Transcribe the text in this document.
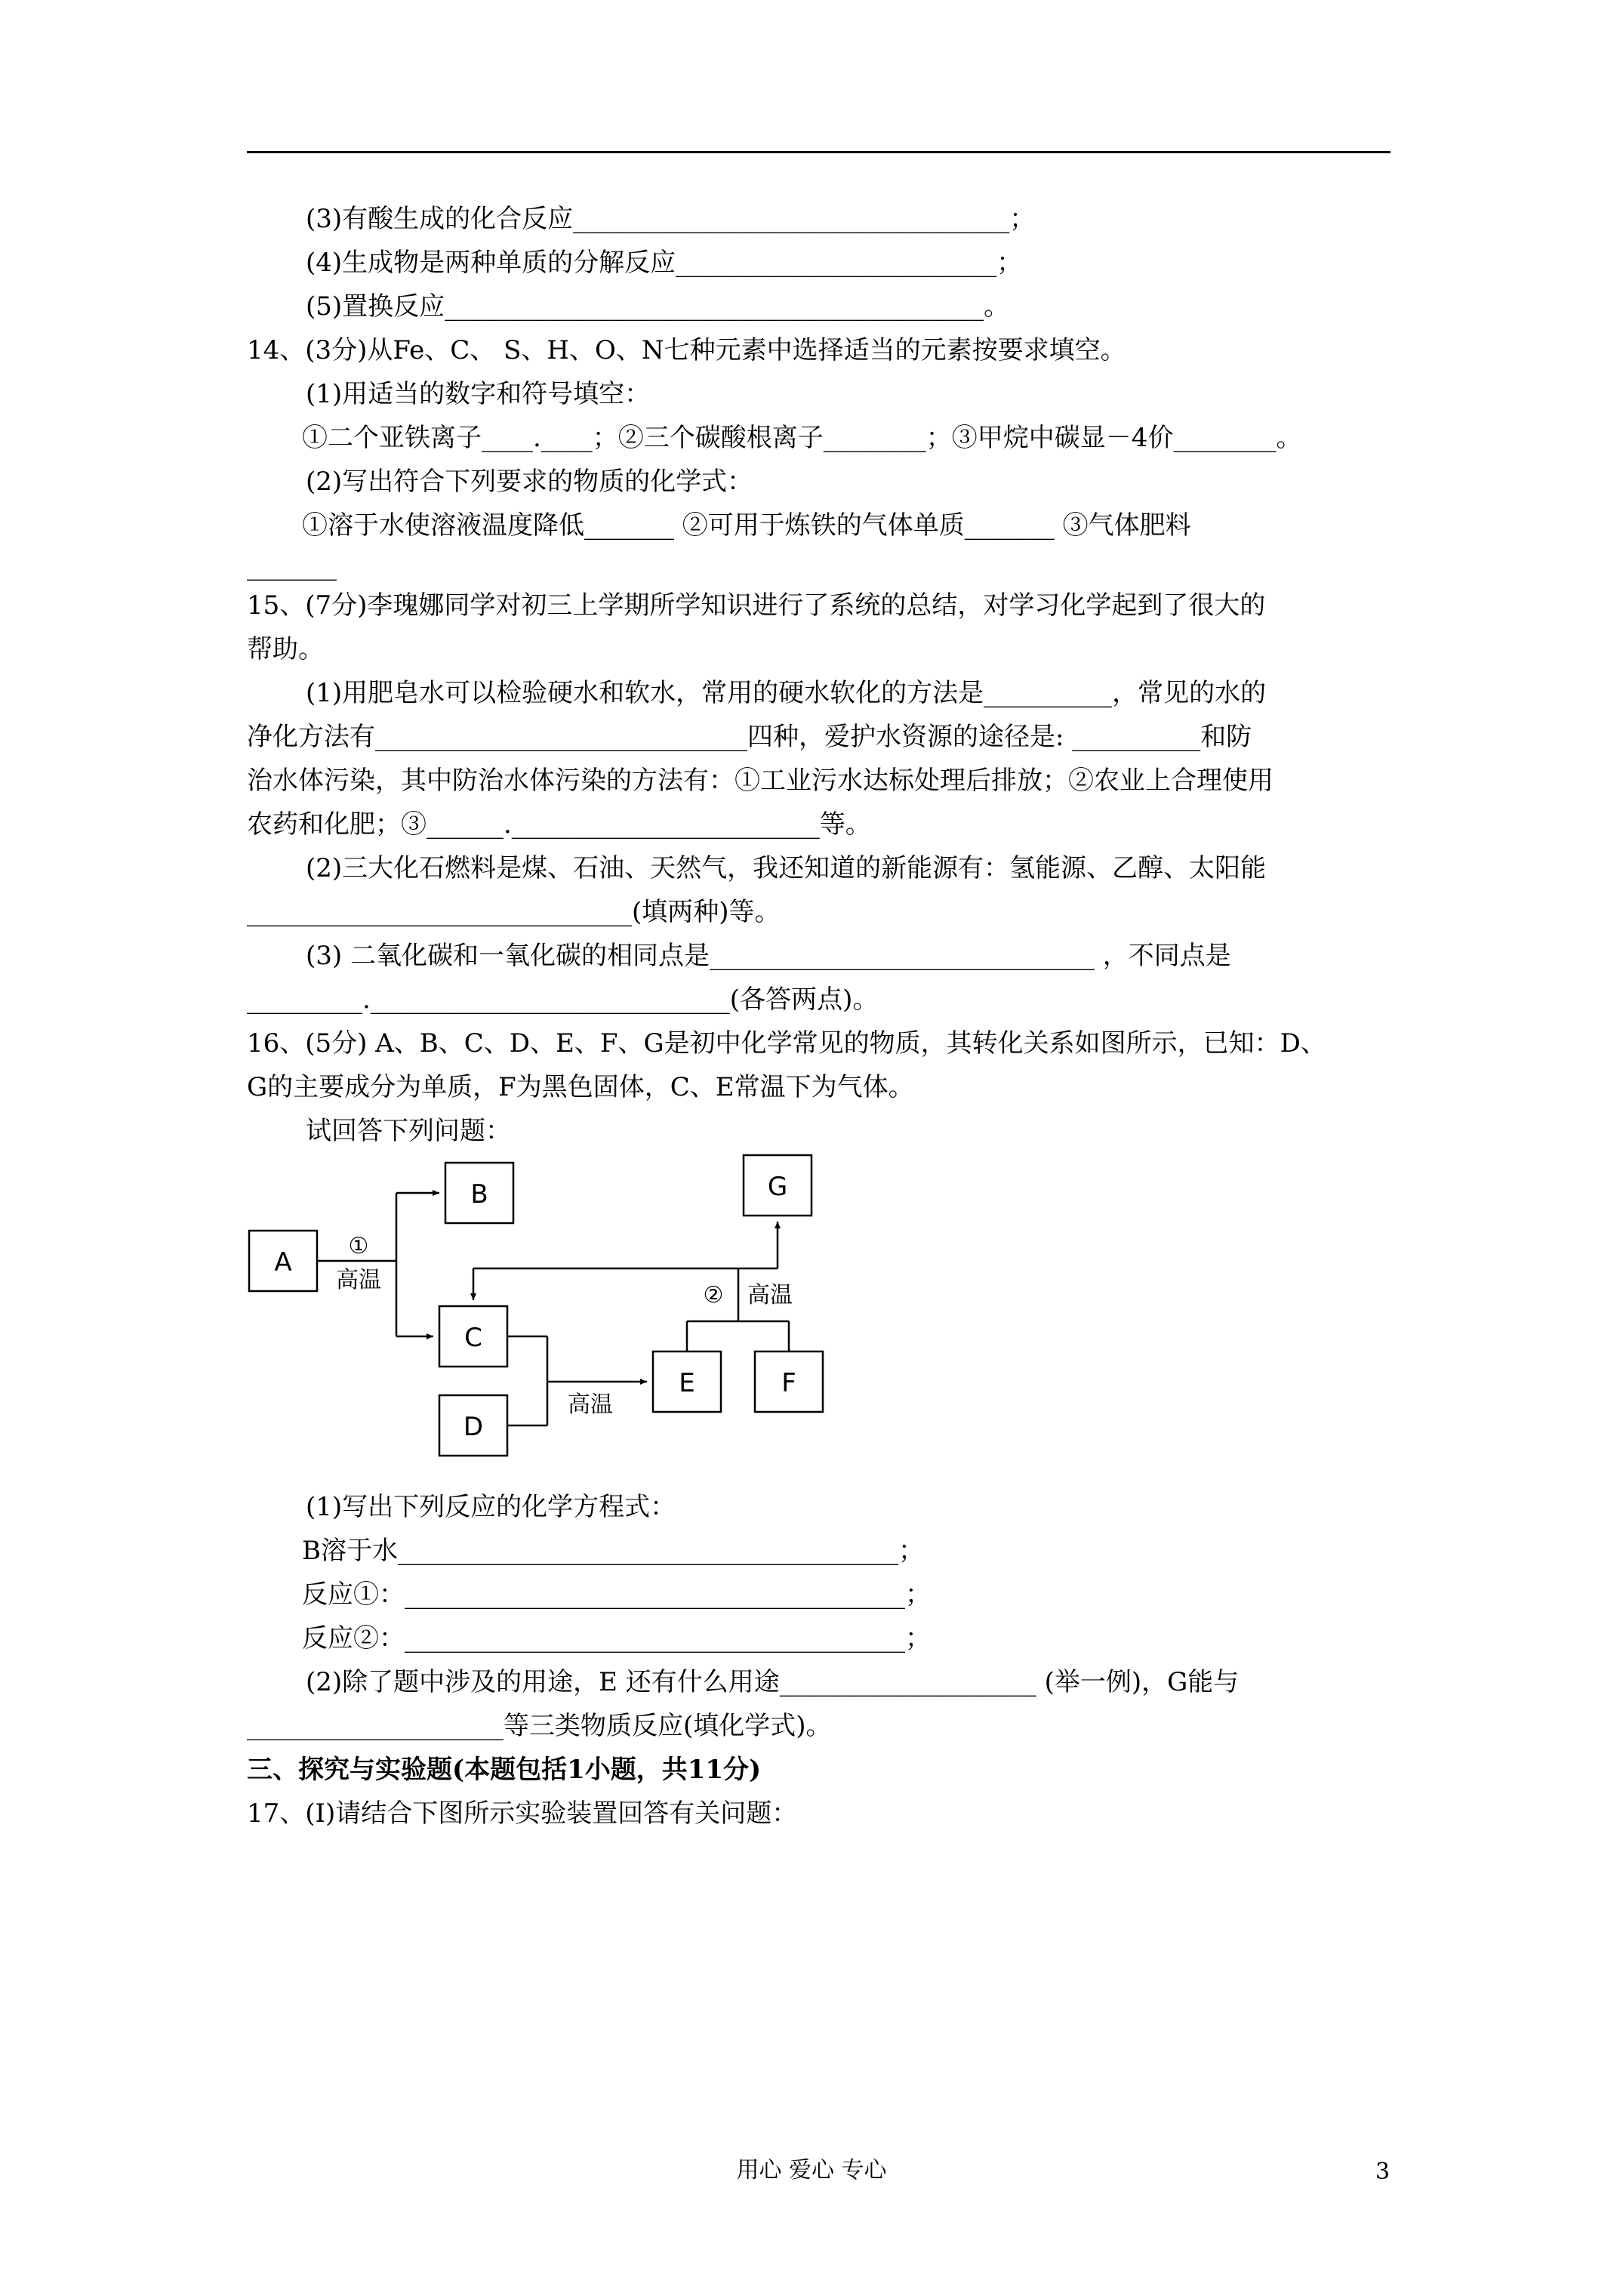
(3)有酸生成的化合反应__________________________________；
(4)生成物是两种单质的分解反应_________________________；
(5)置换反应__________________________________________。
14、(3分)从Fe、C、 S、H、O、N七种元素中选择适当的元素按要求填空。
(1)用适当的数字和符号填空：
①二个亚铁离子____.____；②三个碳酸根离子________；③甲烷中碳显－4价________。
(2)写出符合下列要求的物质的化学式：
①溶于水使溶液温度降低_______ ②可用于炼铁的气体单质_______ ③气体肥料
_______
15、(7分)李瑰娜同学对初三上学期所学知识进行了系统的总结，对学习化学起到了很大的
帮助。
(1)用肥皂水可以检验硬水和软水，常用的硬水软化的方法是__________，常见的水的
净化方法有_____________________________四种，爱护水资源的途径是: __________和防
治水体污染，其中防治水体污染的方法有：①工业污水达标处理后排放；②农业上合理使用
农药和化肥；③______.________________________等。
(2)三大化石燃料是煤、石油、天然气，我还知道的新能源有：氢能源、乙醇、太阳能
______________________________(填两种)等。
(3) 二氧化碳和一氧化碳的相同点是______________________________ ，不同点是
_________.____________________________(各答两点)。
16、(5分) A、B、C、D、E、F、G是初中化学常见的物质，其转化关系如图所示，已知：D、
G的主要成分为单质，F为黑色固体，C、E常温下为气体。
试回答下列问题：
A
B
C
D
E	F
G
①
高温
② 高温
高温
(1)写出下列反应的化学方程式：
B溶于水_______________________________________；
反应①：_______________________________________；
反应②：_______________________________________；
(2)除了题中涉及的用途，E 还有什么用途____________________ (举一例)，G能与
____________________等三类物质反应(填化学式)。
三、探究与实验题(本题包括1小题，共11分)
17、(I)请结合下图所示实验装置回答有关问题：
用心 爱心 专心	3
